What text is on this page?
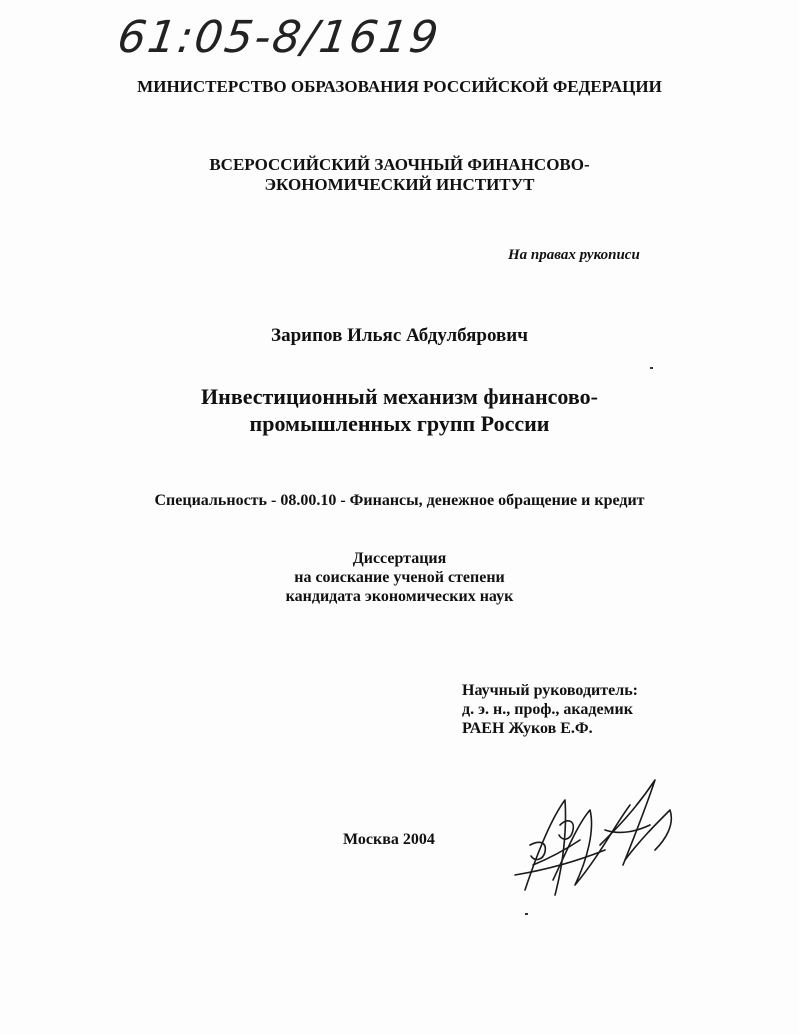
61:05-8/1619
МИНИСТЕРСТВО ОБРАЗОВАНИЯ РОССИЙСКОЙ ФЕДЕРАЦИИ
ВСЕРОССИЙСКИЙ ЗАОЧНЫЙ ФИНАНСОВО-
ЭКОНОМИЧЕСКИЙ ИНСТИТУТ
На правах рукописи
Зарипов Ильяс Абдулбярович
Инвестиционный механизм финансово-
промышленных групп России
Специальность - 08.00.10 - Финансы, денежное обращение и кредит
Диссертация
на соискание ученой степени
кандидата экономических наук
Научный руководитель:
д. э. н., проф., академик
РАЕН Жуков Е.Ф.
Москва 2004
